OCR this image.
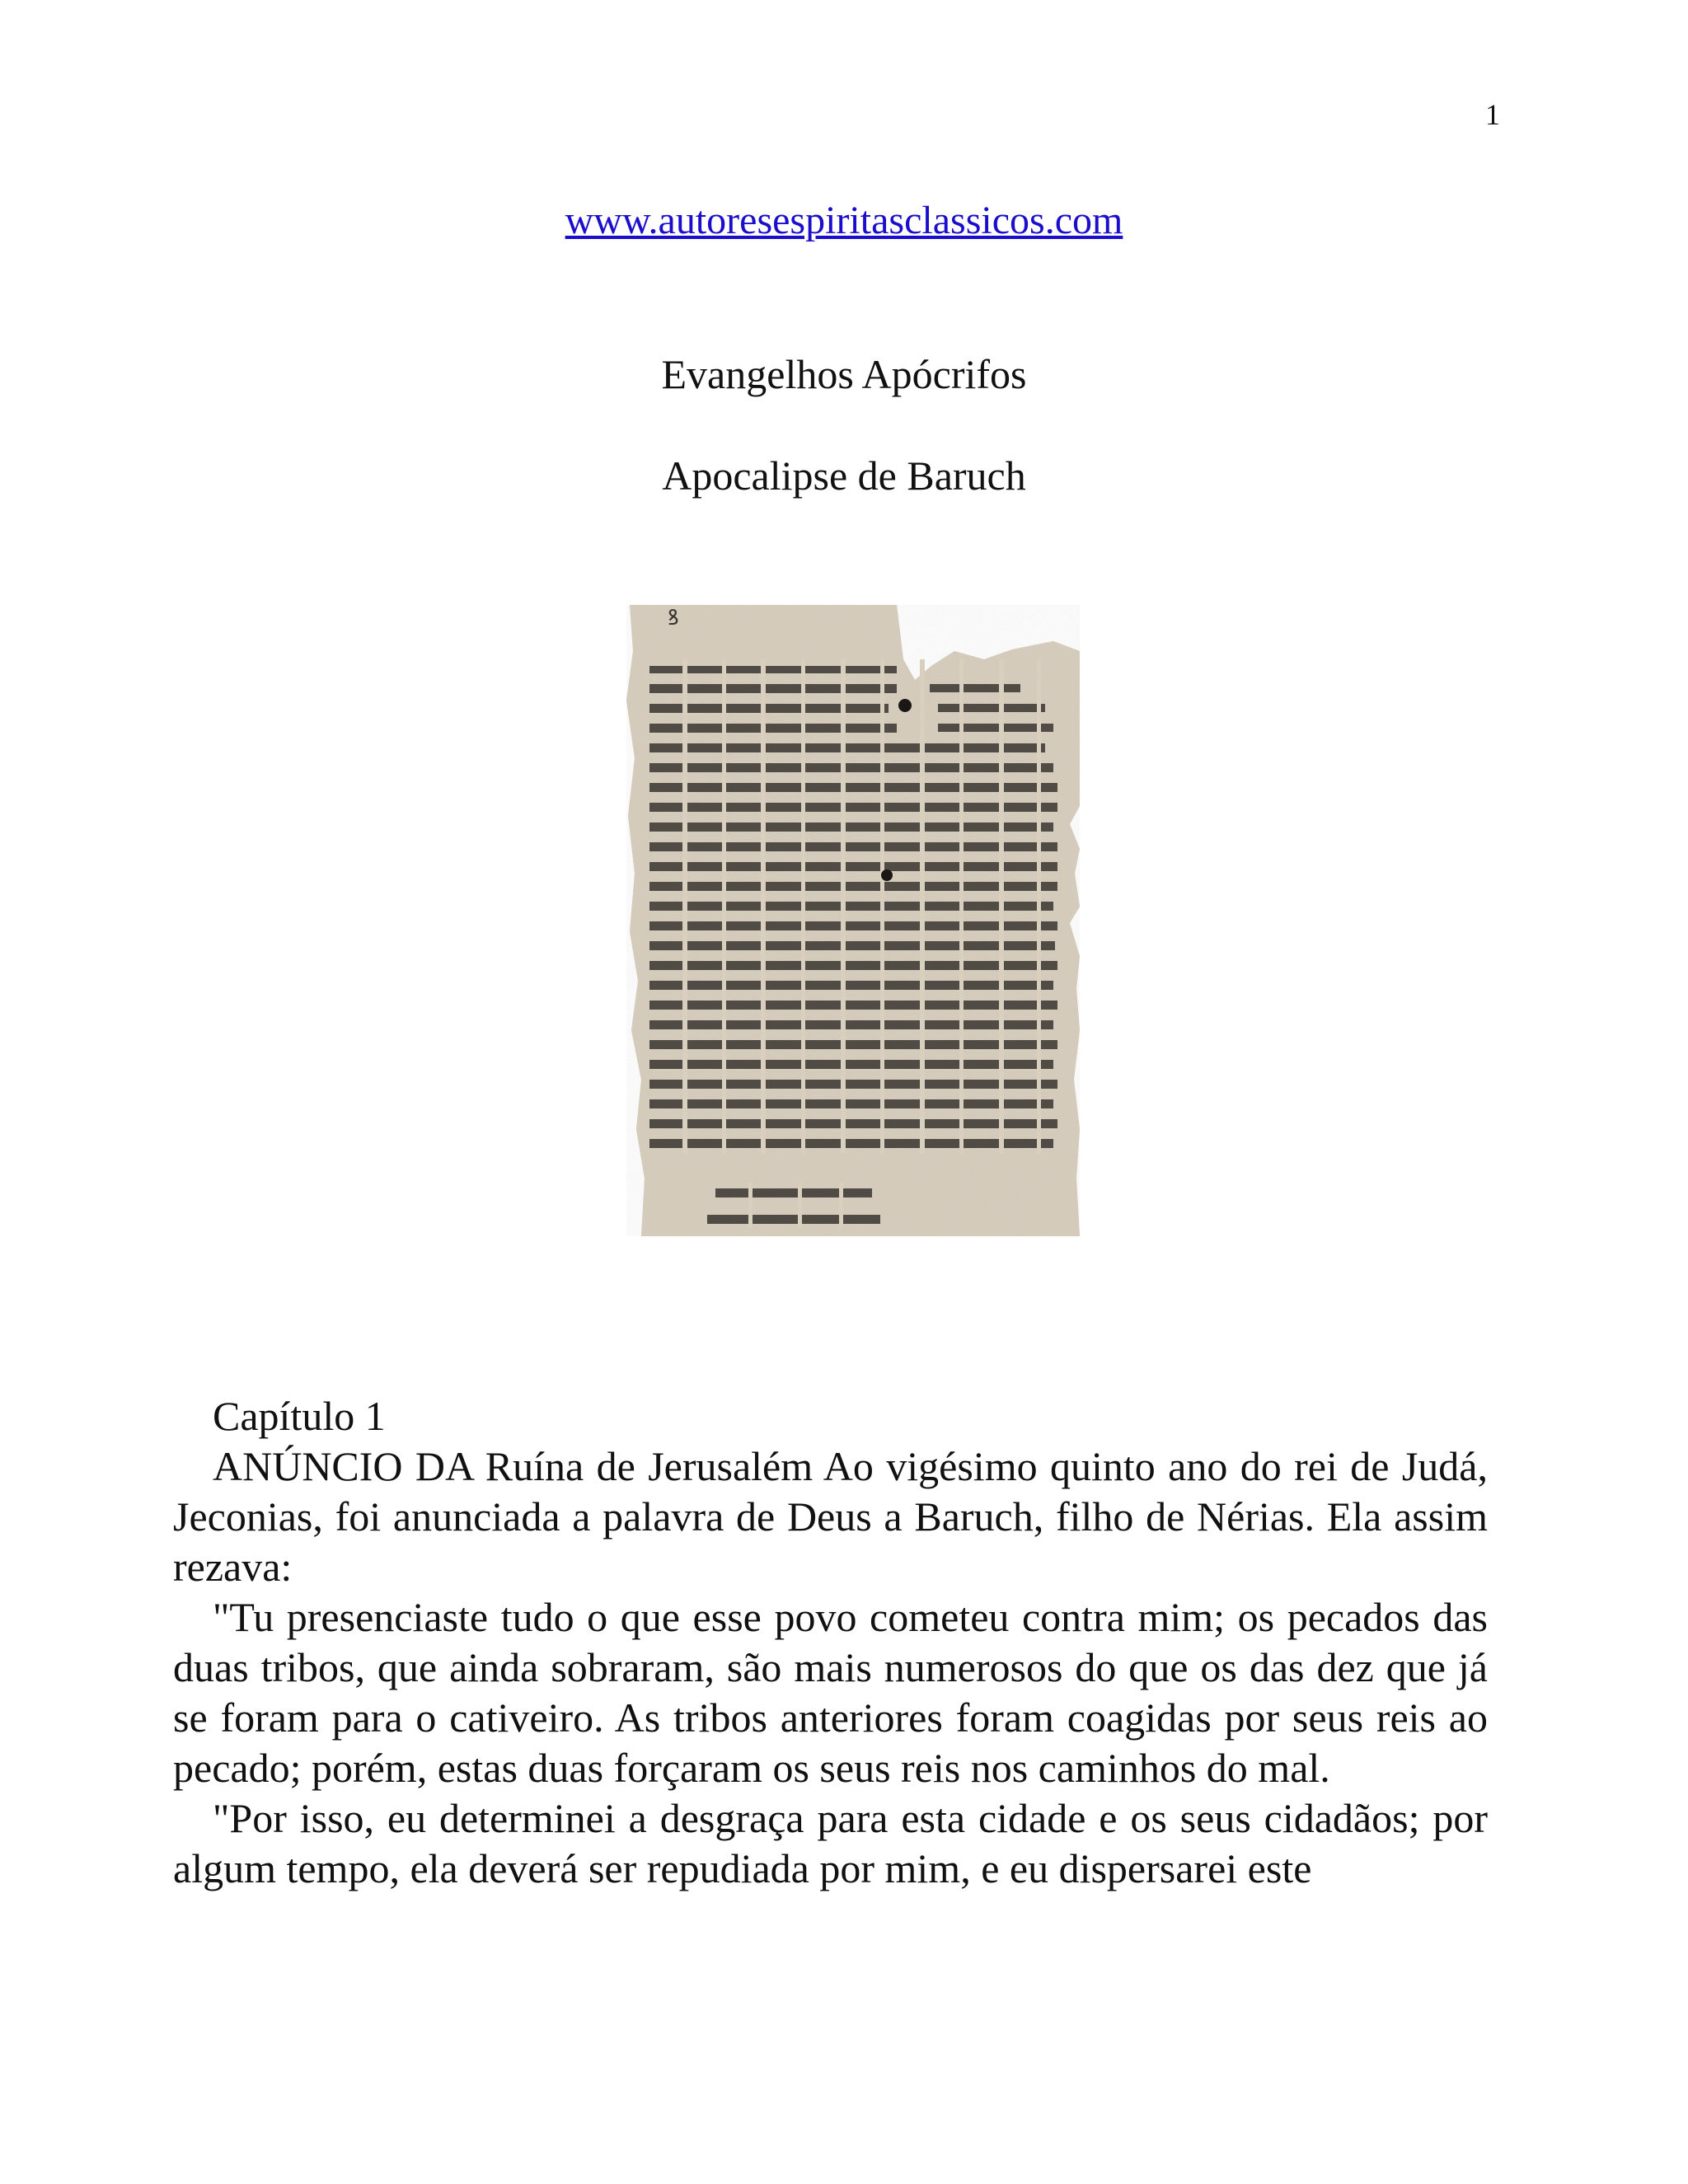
1
www.autoresespiritasclassicos.com
Evangelhos Apócrifos
Apocalipse de Baruch
ꝸ

Capítulo 1

ANÚNCIO DA Ruína de Jerusalém Ao vigésimo quinto ano do rei de Judá, Jeconias, foi anunciada a palavra de Deus a Baruch, filho de Nérias. Ela assim rezava:

"Tu presenciaste tudo o que esse povo cometeu contra mim; os pecados das duas tribos, que ainda sobraram, são mais numerosos do que os das dez que já se foram para o cativeiro. As tribos anteriores foram coagidas por seus reis ao pecado; porém, estas duas forçaram os seus reis nos caminhos do mal.

"Por isso, eu determinei a desgraça para esta cidade e os seus cidadãos; por algum tempo, ela deverá ser repudiada por mim, e eu dispersarei este
